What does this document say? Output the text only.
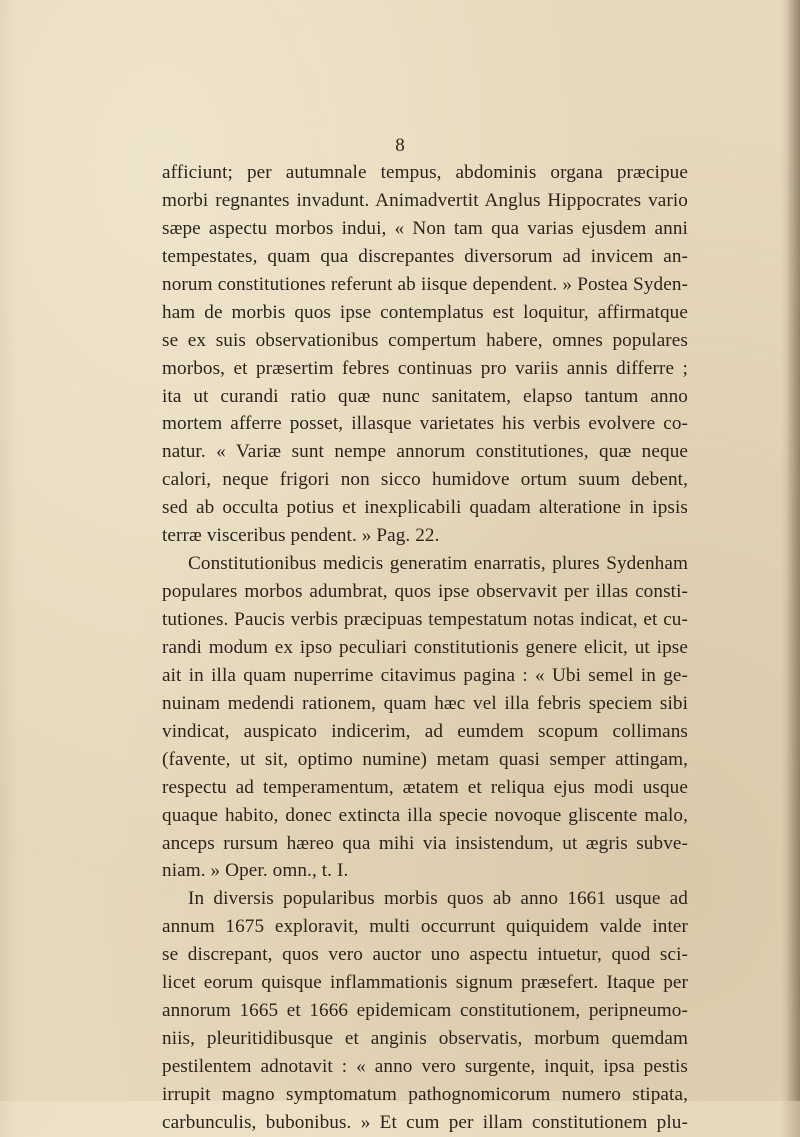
8
afficiunt; per autumnale tempus, abdominis organa præcipue
morbi regnantes invadunt. Animadvertit Anglus Hippocrates vario
sæpe aspectu morbos indui, « Non tam qua varias ejusdem anni
tempestates, quam qua discrepantes diversorum ad invicem an-
norum constitutiones referunt ab iisque dependent. » Postea Syden-
ham de morbis quos ipse contemplatus est loquitur, affirmatque
se ex suis observationibus compertum habere, omnes populares
morbos, et præsertim febres continuas pro variis annis differre ;
ita ut curandi ratio quæ nunc sanitatem, elapso tantum anno
mortem afferre posset, illasque varietates his verbis evolvere co-
natur. « Variæ sunt nempe annorum constitutiones, quæ neque
calori, neque frigori non sicco humidove ortum suum debent,
sed ab occulta potius et inexplicabili quadam alteratione in ipsis
terræ visceribus pendent. » Pag. 22.
Constitutionibus medicis generatim enarratis, plures Sydenham
populares morbos adumbrat, quos ipse observavit per illas consti-
tutiones. Paucis verbis præcipuas tempestatum notas indicat, et cu-
randi modum ex ipso peculiari constitutionis genere elicit, ut ipse
ait in illa quam nuperrime citavimus pagina : « Ubi semel in ge-
nuinam medendi rationem, quam hæc vel illa febris speciem sibi
vindicat, auspicato indicerim, ad eumdem scopum collimans
(favente, ut sit, optimo numine) metam quasi semper attingam,
respectu ad temperamentum, ætatem et reliqua ejus modi usque
quaque habito, donec extincta illa specie novoque gliscente malo,
anceps rursum hæreo qua mihi via insistendum, ut ægris subve-
niam. » Oper. omn., t. I.
In diversis popularibus morbis quos ab anno 1661 usque ad
annum 1675 exploravit, multi occurrunt quiquidem valde inter
se discrepant, quos vero auctor uno aspectu intuetur, quod sci-
licet eorum quisque inflammationis signum præsefert. Itaque per
annorum 1665 et 1666 epidemicam constitutionem, peripneumo-
niis, pleuritidibusque et anginis observatis, morbum quemdam
pestilentem adnotavit : « anno vero surgente, inquit, ipsa pestis
irrupit magno symptomatum pathognomicorum numero stipata,
carbunculis, bubonibus. » Et cum per illam constitutionem plu-
